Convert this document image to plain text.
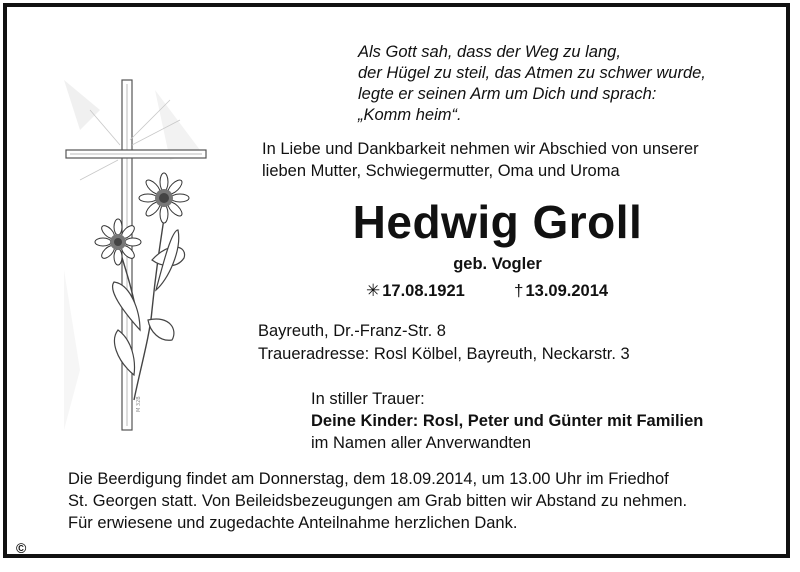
M 32B
Als Gott sah, dass der Weg zu lang,
der Hügel zu steil, das Atmen zu schwer wurde,
legte er seinen Arm um Dich und sprach:
„Komm heim“.
In Liebe und Dankbarkeit nehmen wir Abschied von unserer
lieben Mutter, Schwiegermutter, Oma und Uroma
Hedwig Groll
geb. Vogler
✳ 17.08.1921	† 13.09.2014
Bayreuth, Dr.-Franz-Str. 8
Traueradresse: Rosl Kölbel, Bayreuth, Neckarstr. 3
In stiller Trauer:
Deine Kinder: Rosl, Peter und Günter mit Familien
im Namen aller Anverwandten
Die Beerdigung findet am Donnerstag, dem 18.09.2014, um 13.00 Uhr im Friedhof
St. Georgen statt. Von Beileidsbezeugungen am Grab bitten wir Abstand zu nehmen.
Für erwiesene und zugedachte Anteilnahme herzlichen Dank.
©
